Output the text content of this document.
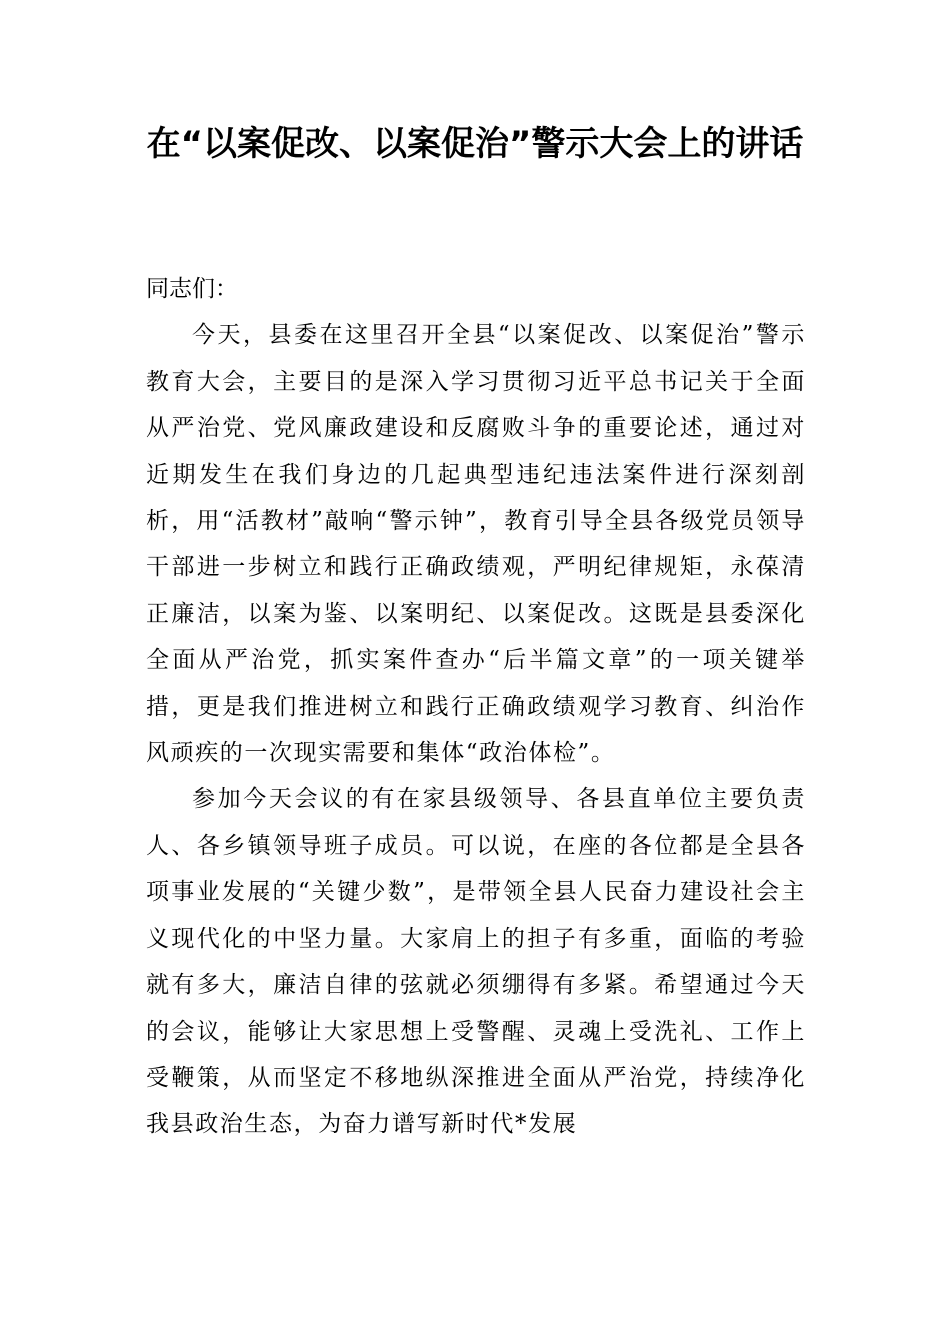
在“以案促改、以案促治”警示大会上的讲话

同志们：

今天，县委在这里召开全县“以案促改、以案促治”警示教育大会，主要目的是深入学习贯彻习近平总书记关于全面从严治党、党风廉政建设和反腐败斗争的重要论述，通过对近期发生在我们身边的几起典型违纪违法案件进行深刻剖析，用“活教材”敲响“警示钟”，教育引导全县各级党员领导干部进一步树立和践行正确政绩观，严明纪律规矩，永葆清正廉洁，以案为鉴、以案明纪、以案促改。这既是县委深化全面从严治党，抓实案件查办“后半篇文章”的一项关键举措，更是我们推进树立和践行正确政绩观学习教育、纠治作风顽疾的一次现实需要和集体“政治体检”。

参加今天会议的有在家县级领导、各县直单位主要负责人、各乡镇领导班子成员。可以说，在座的各位都是全县各项事业发展的“关键少数”，是带领全县人民奋力建设社会主义现代化的中坚力量。大家肩上的担子有多重，面临的考验就有多大，廉洁自律的弦就必须绷得有多紧。希望通过今天的会议，能够让大家思想上受警醒、灵魂上受洗礼、工作上受鞭策，从而坚定不移地纵深推进全面从严治党，持续净化我县政治生态，为奋力谱写新时代*发展
